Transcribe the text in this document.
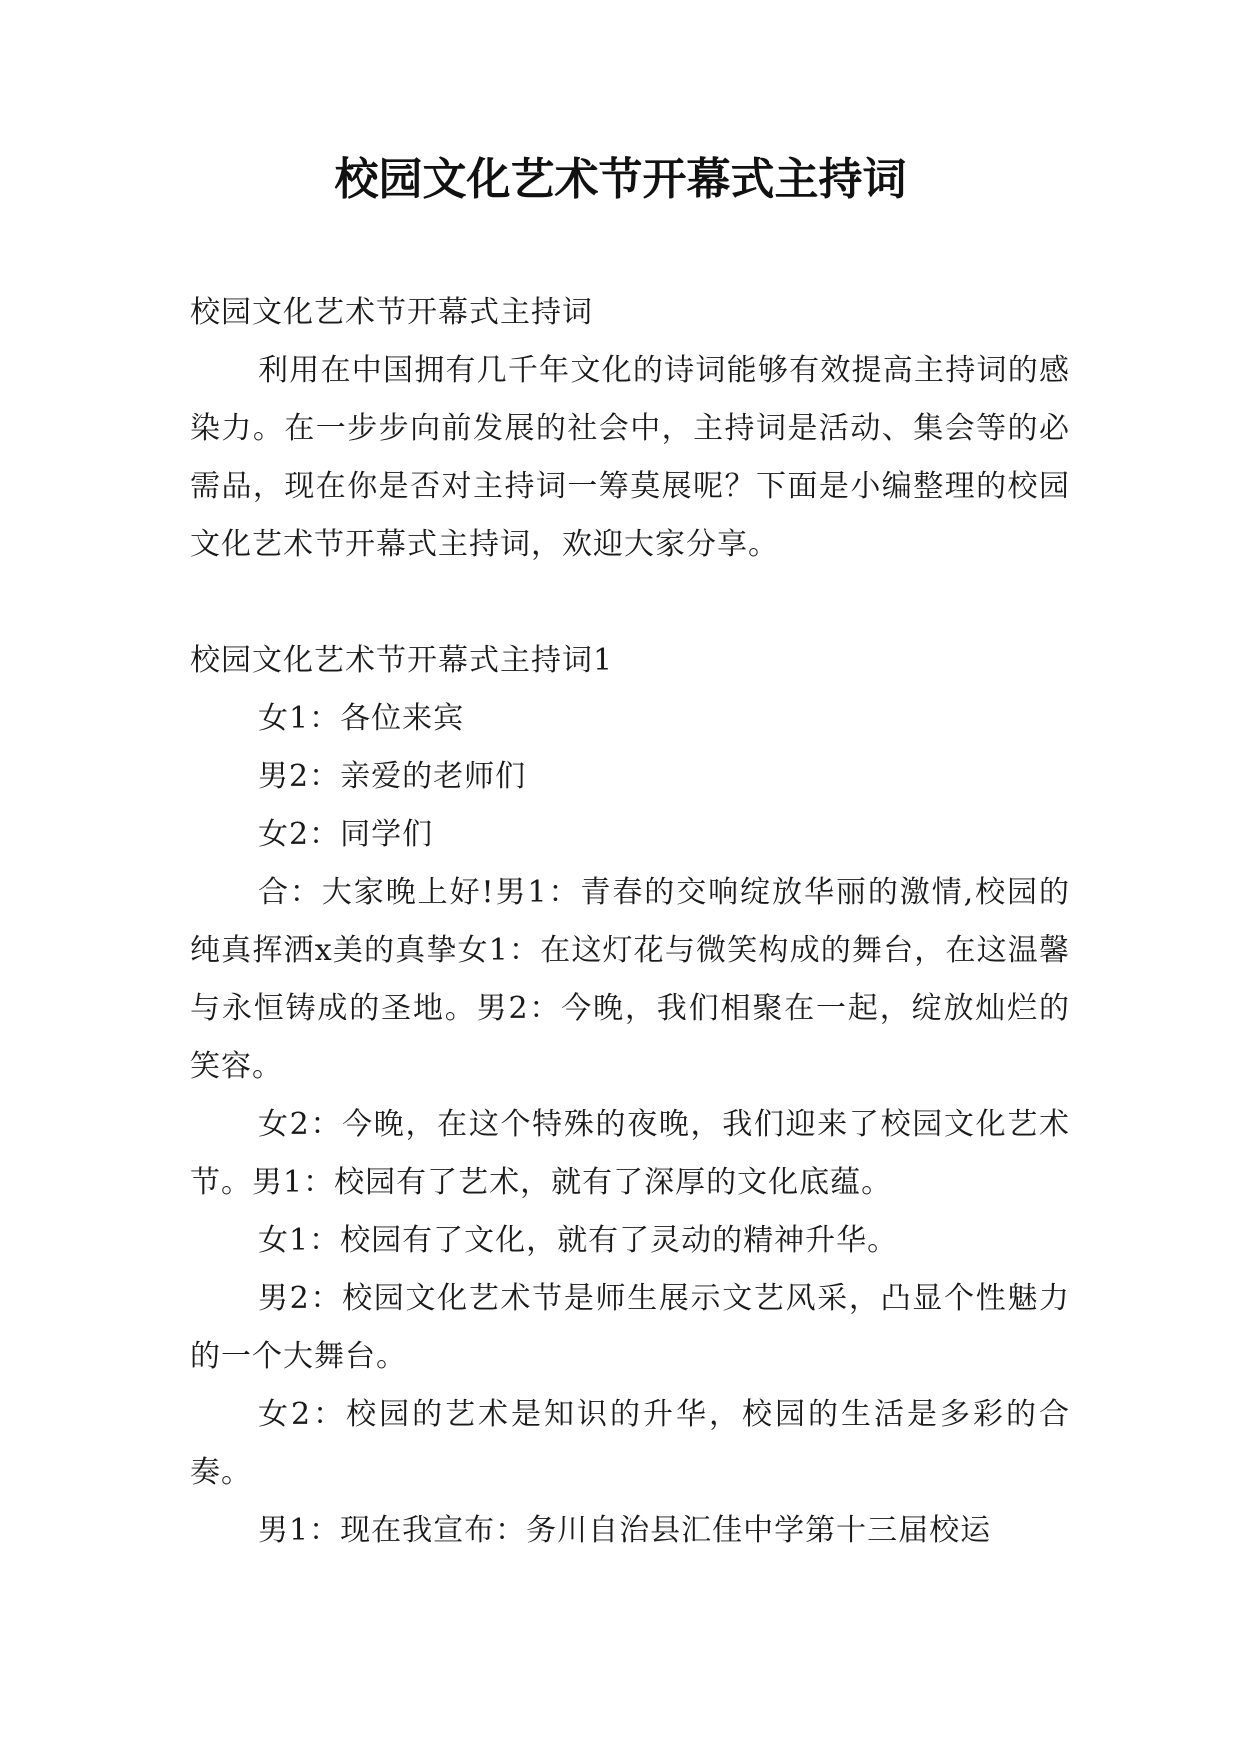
校园文化艺术节开幕式主持词

校园文化艺术节开幕式主持词

利用在中国拥有几千年文化的诗词能够有效提高主持词的感染力。在一步步向前发展的社会中，主持词是活动、集会等的必需品，现在你是否对主持词一筹莫展呢？下面是小编整理的校园文化艺术节开幕式主持词，欢迎大家分享。

校园文化艺术节开幕式主持词1

女1：各位来宾

男2：亲爱的老师们

女2：同学们

合：大家晚上好!男1：青春的交响绽放华丽的激情,校园的纯真挥洒x美的真挚女1：在这灯花与微笑构成的舞台，在这温馨与永恒铸成的圣地。男2：今晚，我们相聚在一起，绽放灿烂的笑容。

女2：今晚，在这个特殊的夜晚，我们迎来了校园文化艺术节。男1：校园有了艺术，就有了深厚的文化底蕴。

女1：校园有了文化，就有了灵动的精神升华。

男2：校园文化艺术节是师生展示文艺风采，凸显个性魅力的一个大舞台。

女2：校园的艺术是知识的升华，校园的生活是多彩的合奏。

男1：现在我宣布：务川自治县汇佳中学第十三届校运
